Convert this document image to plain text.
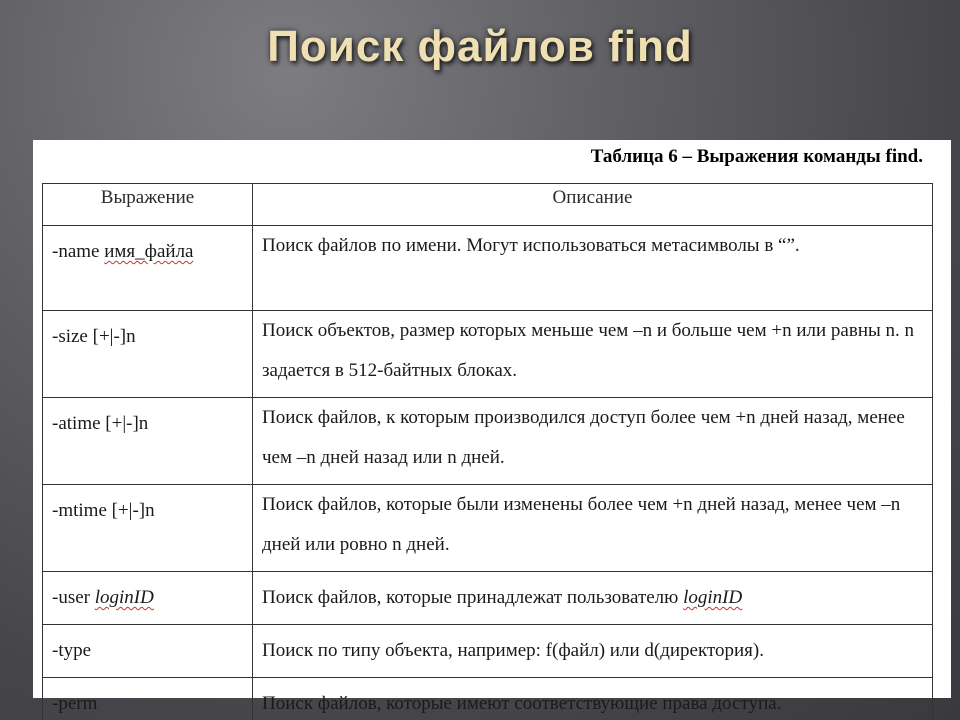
Поиск файлов find
Таблица 6 – Выражения команды find.
Выражение	Описание
-name имя_файла	Поиск файлов по имени. Могут использоваться метасимволы в “”.

-size [+|-]n	Поиск объектов, размер которых меньше чем –n и больше чем +n или равны n. n задается в 512-байтных блоках.

-atime [+|-]n	Поиск файлов, к которым производился доступ более чем +n дней назад, менее чем –n дней назад или n дней.

-mtime [+|-]n	Поиск файлов, которые были изменены более чем +n дней назад, менее чем –n дней или ровно n дней.

-user loginID	Поиск файлов, которые принадлежат пользователю loginID
-type	Поиск по типу объекта, например: f(файл) или d(директория).
-perm	Поиск файлов, которые имеют соответствующие права доступа.
